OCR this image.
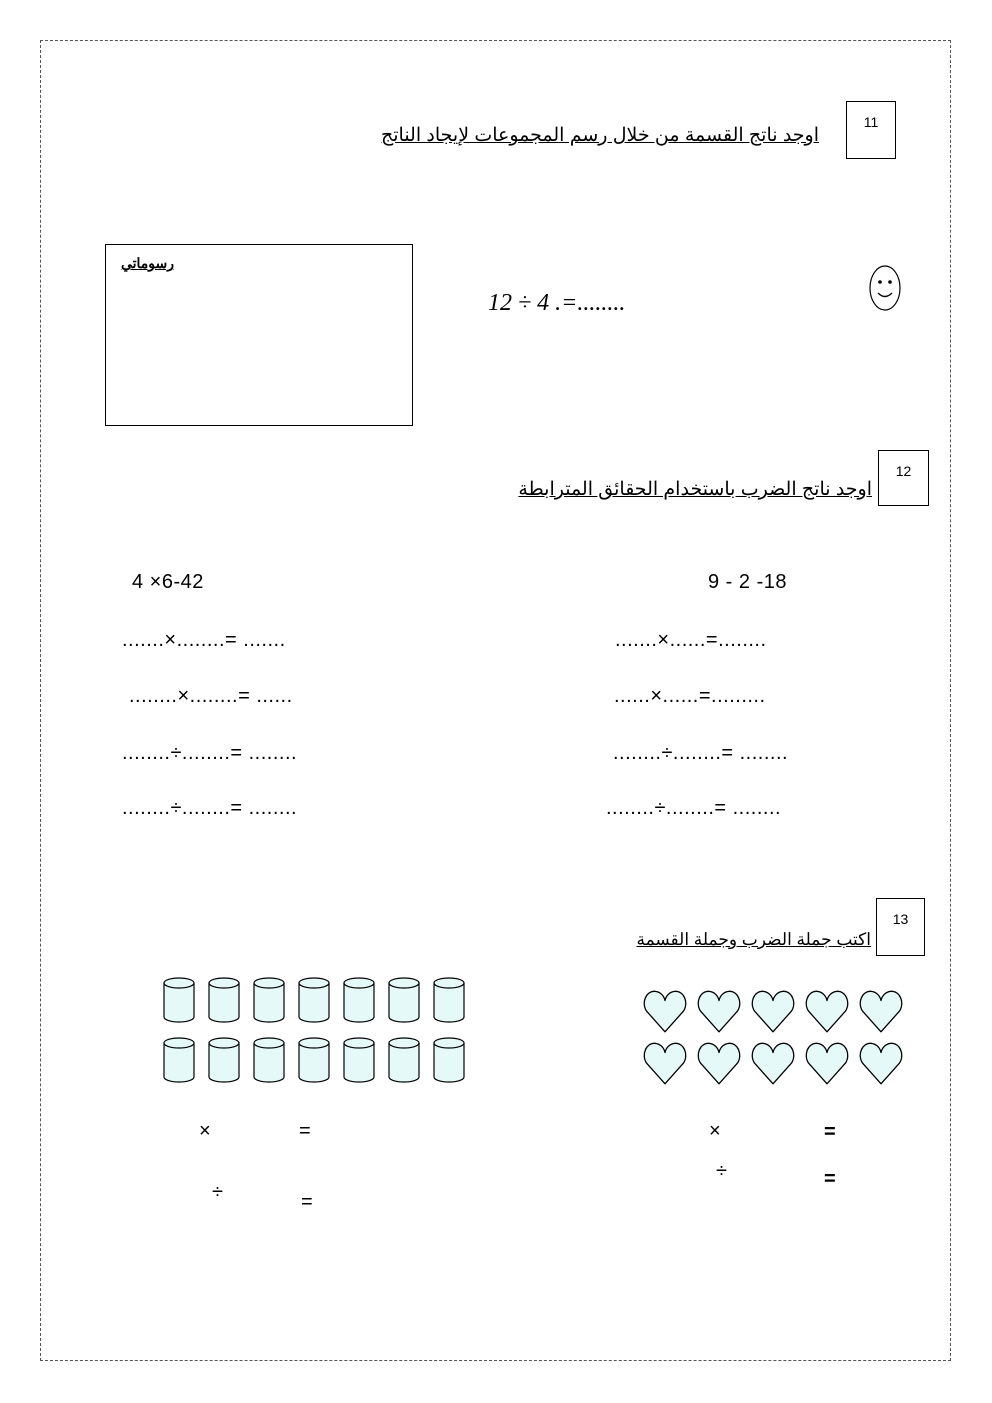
11
اوجد ناتج القسمة من خلال رسم المجموعات لإيجاد الناتج
رسوماتي
12 ÷ 4 .=........
12
اوجد ناتج الضرب باستخدام الحقائق المترابطة
4 ×6-42	9 - 2 -18
.......×........= .......
........×........= ......
........÷........= ........
........÷........= ........
.......×......=........
......×......=.........
........÷........= ........
........÷........= ........
13
اكتب جملة الضرب وجملة القسمة
×	=
÷	=
×	=
÷	=
